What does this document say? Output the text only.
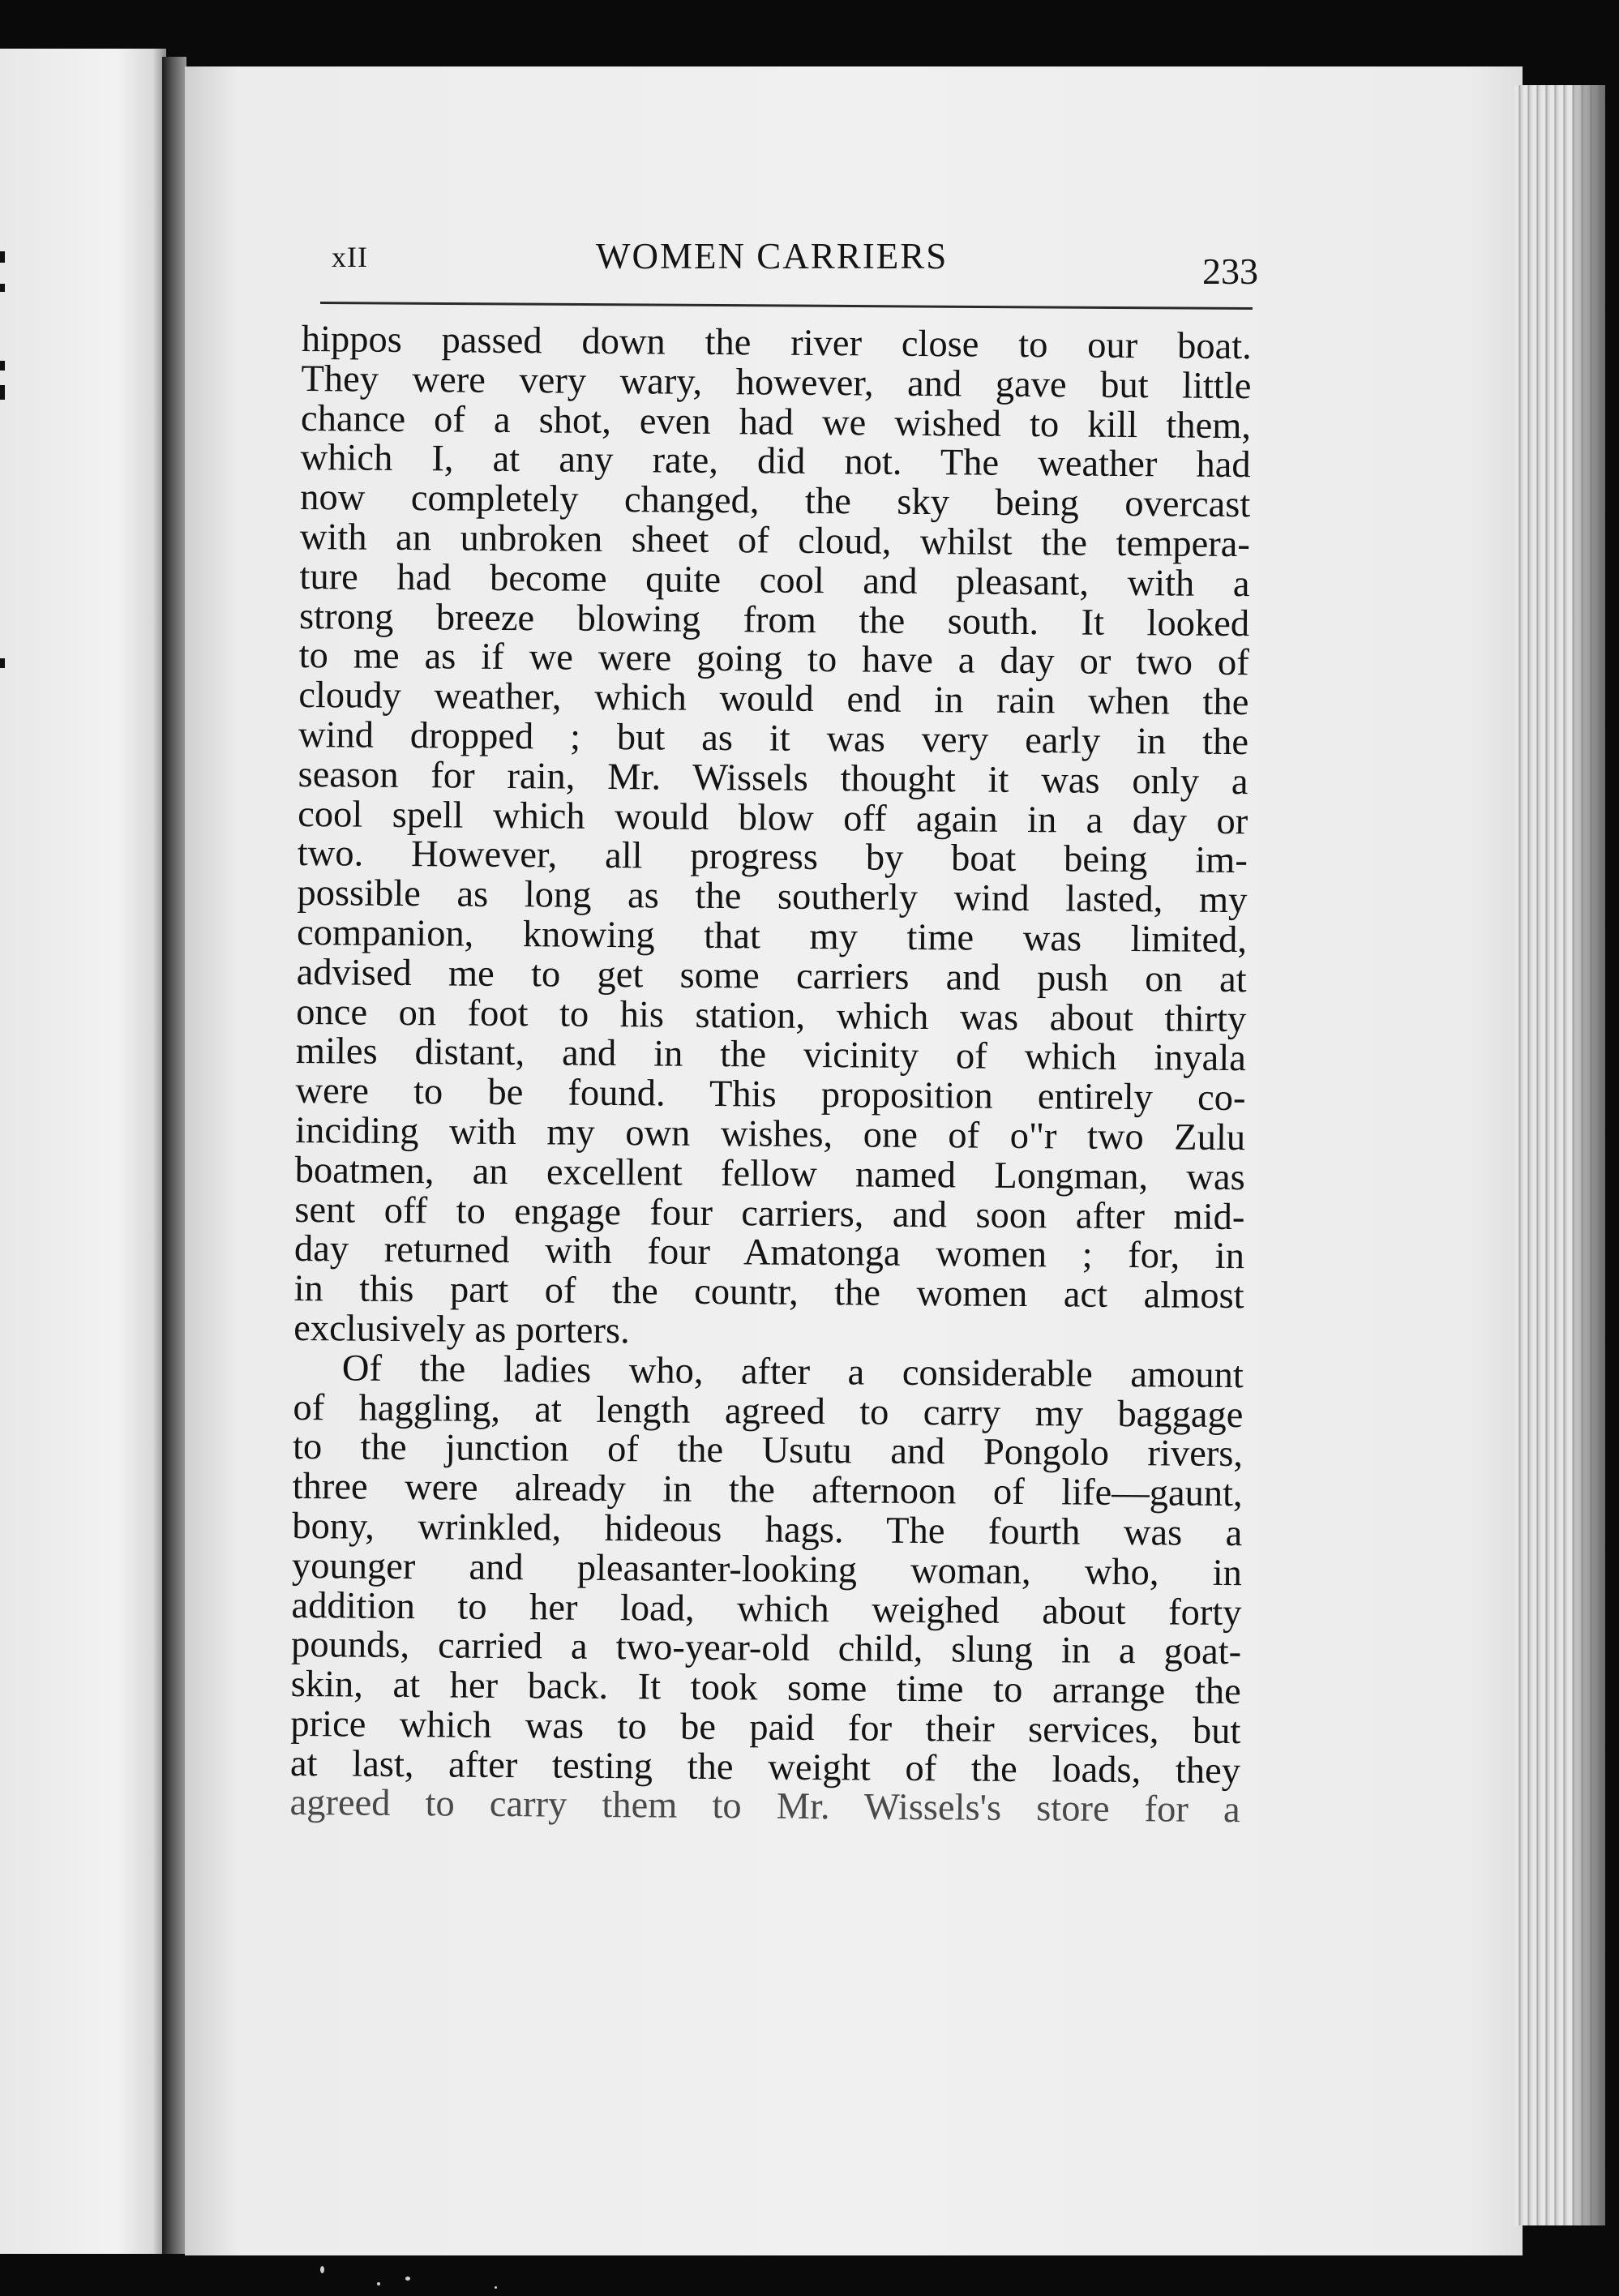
xII	WOMEN CARRIERS	233
hippos passed down the river close to our boat.
They were very wary, however, and gave but little
chance of a shot, even had we wished to kill them,
which I, at any rate, did not. The weather had
now completely changed, the sky being overcast
with an unbroken sheet of cloud, whilst the tempera-
ture had become quite cool and pleasant, with a
strong breeze blowing from the south. It looked
to me as if we were going to have a day or two of
cloudy weather, which would end in rain when the
wind dropped ; but as it was very early in the
season for rain, Mr. Wissels thought it was only a
cool spell which would blow off again in a day or
two. However, all progress by boat being im-
possible as long as the southerly wind lasted, my
companion, knowing that my time was limited,
advised me to get some carriers and push on at
once on foot to his station, which was about thirty
miles distant, and in the vicinity of which inyala
were to be found. This proposition entirely co-
inciding with my own wishes, one of o"r two Zulu
boatmen, an excellent fellow named Longman, was
sent off to engage four carriers, and soon after mid-
day returned with four Amatonga women ; for, in
in this part of the countr, the women act almost
exclusively as porters.
Of the ladies who, after a considerable amount
of haggling, at length agreed to carry my baggage
to the junction of the Usutu and Pongolo rivers,
three were already in the afternoon of life—gaunt,
bony, wrinkled, hideous hags. The fourth was a
younger and pleasanter-looking woman, who, in
addition to her load, which weighed about forty
pounds, carried a two-year-old child, slung in a goat-
skin, at her back. It took some time to arrange the
price which was to be paid for their services, but
at last, after testing the weight of the loads, they
agreed to carry them to Mr. Wissels's store for a
